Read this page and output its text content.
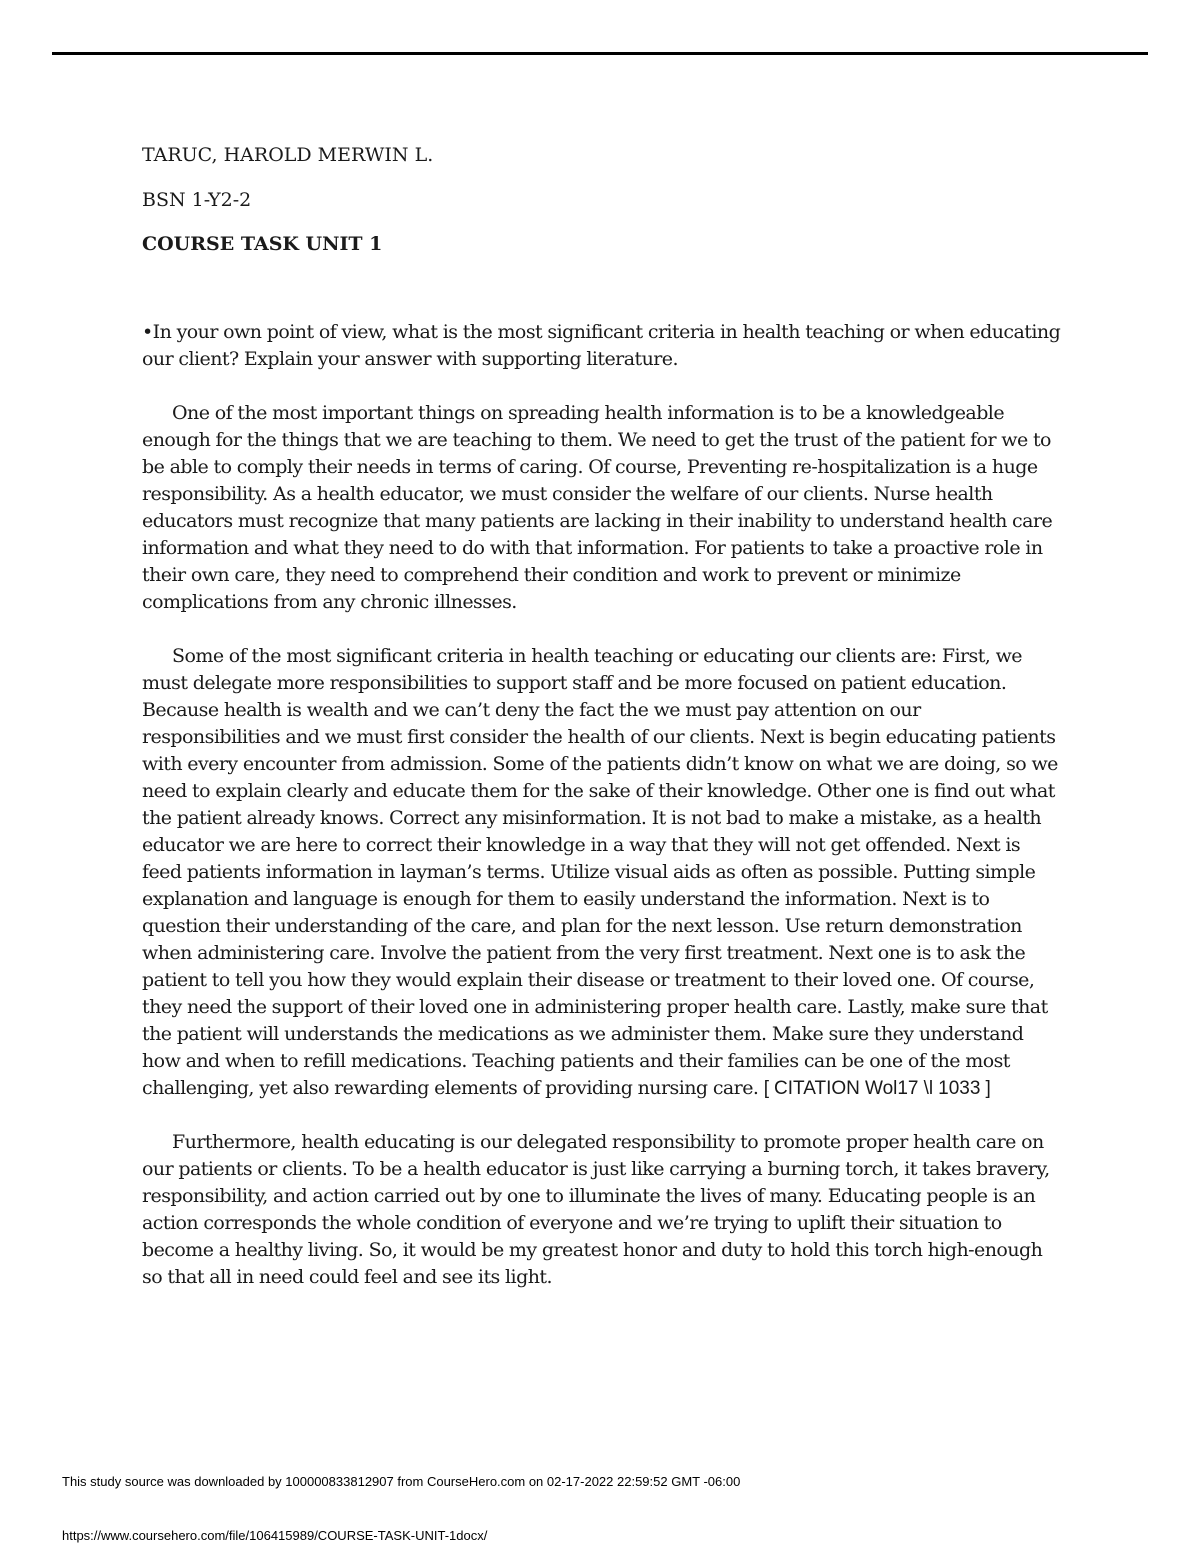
TARUC, HAROLD MERWIN L.

BSN 1-Y2-2

COURSE TASK UNIT 1

•In your own point of view, what is the most significant criteria in health teaching or when educating our client? Explain your answer with supporting literature.

One of the most important things on spreading health information is to be a knowledgeable enough for the things that we are teaching to them. We need to get the trust of the patient for we to be able to comply their needs in terms of caring. Of course, Preventing re-hospitalization is a huge responsibility. As a health educator, we must consider the welfare of our clients. Nurse health educators must recognize that many patients are lacking in their inability to understand health care information and what they need to do with that information. For patients to take a proactive role in their own care, they need to comprehend their condition and work to prevent or minimize complications from any chronic illnesses.

Some of the most significant criteria in health teaching or educating our clients are: First, we must delegate more responsibilities to support staff and be more focused on patient education. Because health is wealth and we can’t deny the fact the we must pay attention on our responsibilities and we must first consider the health of our clients. Next is begin educating patients with every encounter from admission. Some of the patients didn’t know on what we are doing, so we need to explain clearly and educate them for the sake of their knowledge. Other one is find out what the patient already knows. Correct any misinformation. It is not bad to make a mistake, as a health educator we are here to correct their knowledge in a way that they will not get offended. Next is feed patients information in layman’s terms. Utilize visual aids as often as possible. Putting simple explanation and language is enough for them to easily understand the information. Next is to question their understanding of the care, and plan for the next lesson. Use return demonstration when administering care. Involve the patient from the very first treatment. Next one is to ask the patient to tell you how they would explain their disease or treatment to their loved one. Of course, they need the support of their loved one in administering proper health care. Lastly, make sure that the patient will understands the medications as we administer them. Make sure they understand how and when to refill medications. Teaching patients and their families can be one of the most challenging, yet also rewarding elements of providing nursing care. [ CITATION Wol17 \l 1033 ]

Furthermore, health educating is our delegated responsibility to promote proper health care on our patients or clients. To be a health educator is just like carrying a burning torch, it takes bravery, responsibility, and action carried out by one to illuminate the lives of many. Educating people is an action corresponds the whole condition of everyone and we’re trying to uplift their situation to become a healthy living. So, it would be my greatest honor and duty to hold this torch high-enough so that all in need could feel and see its light.

This study source was downloaded by 100000833812907 from CourseHero.com on 02-17-2022 22:59:52 GMT -06:00
https://www.coursehero.com/file/106415989/COURSE-TASK-UNIT-1docx/
